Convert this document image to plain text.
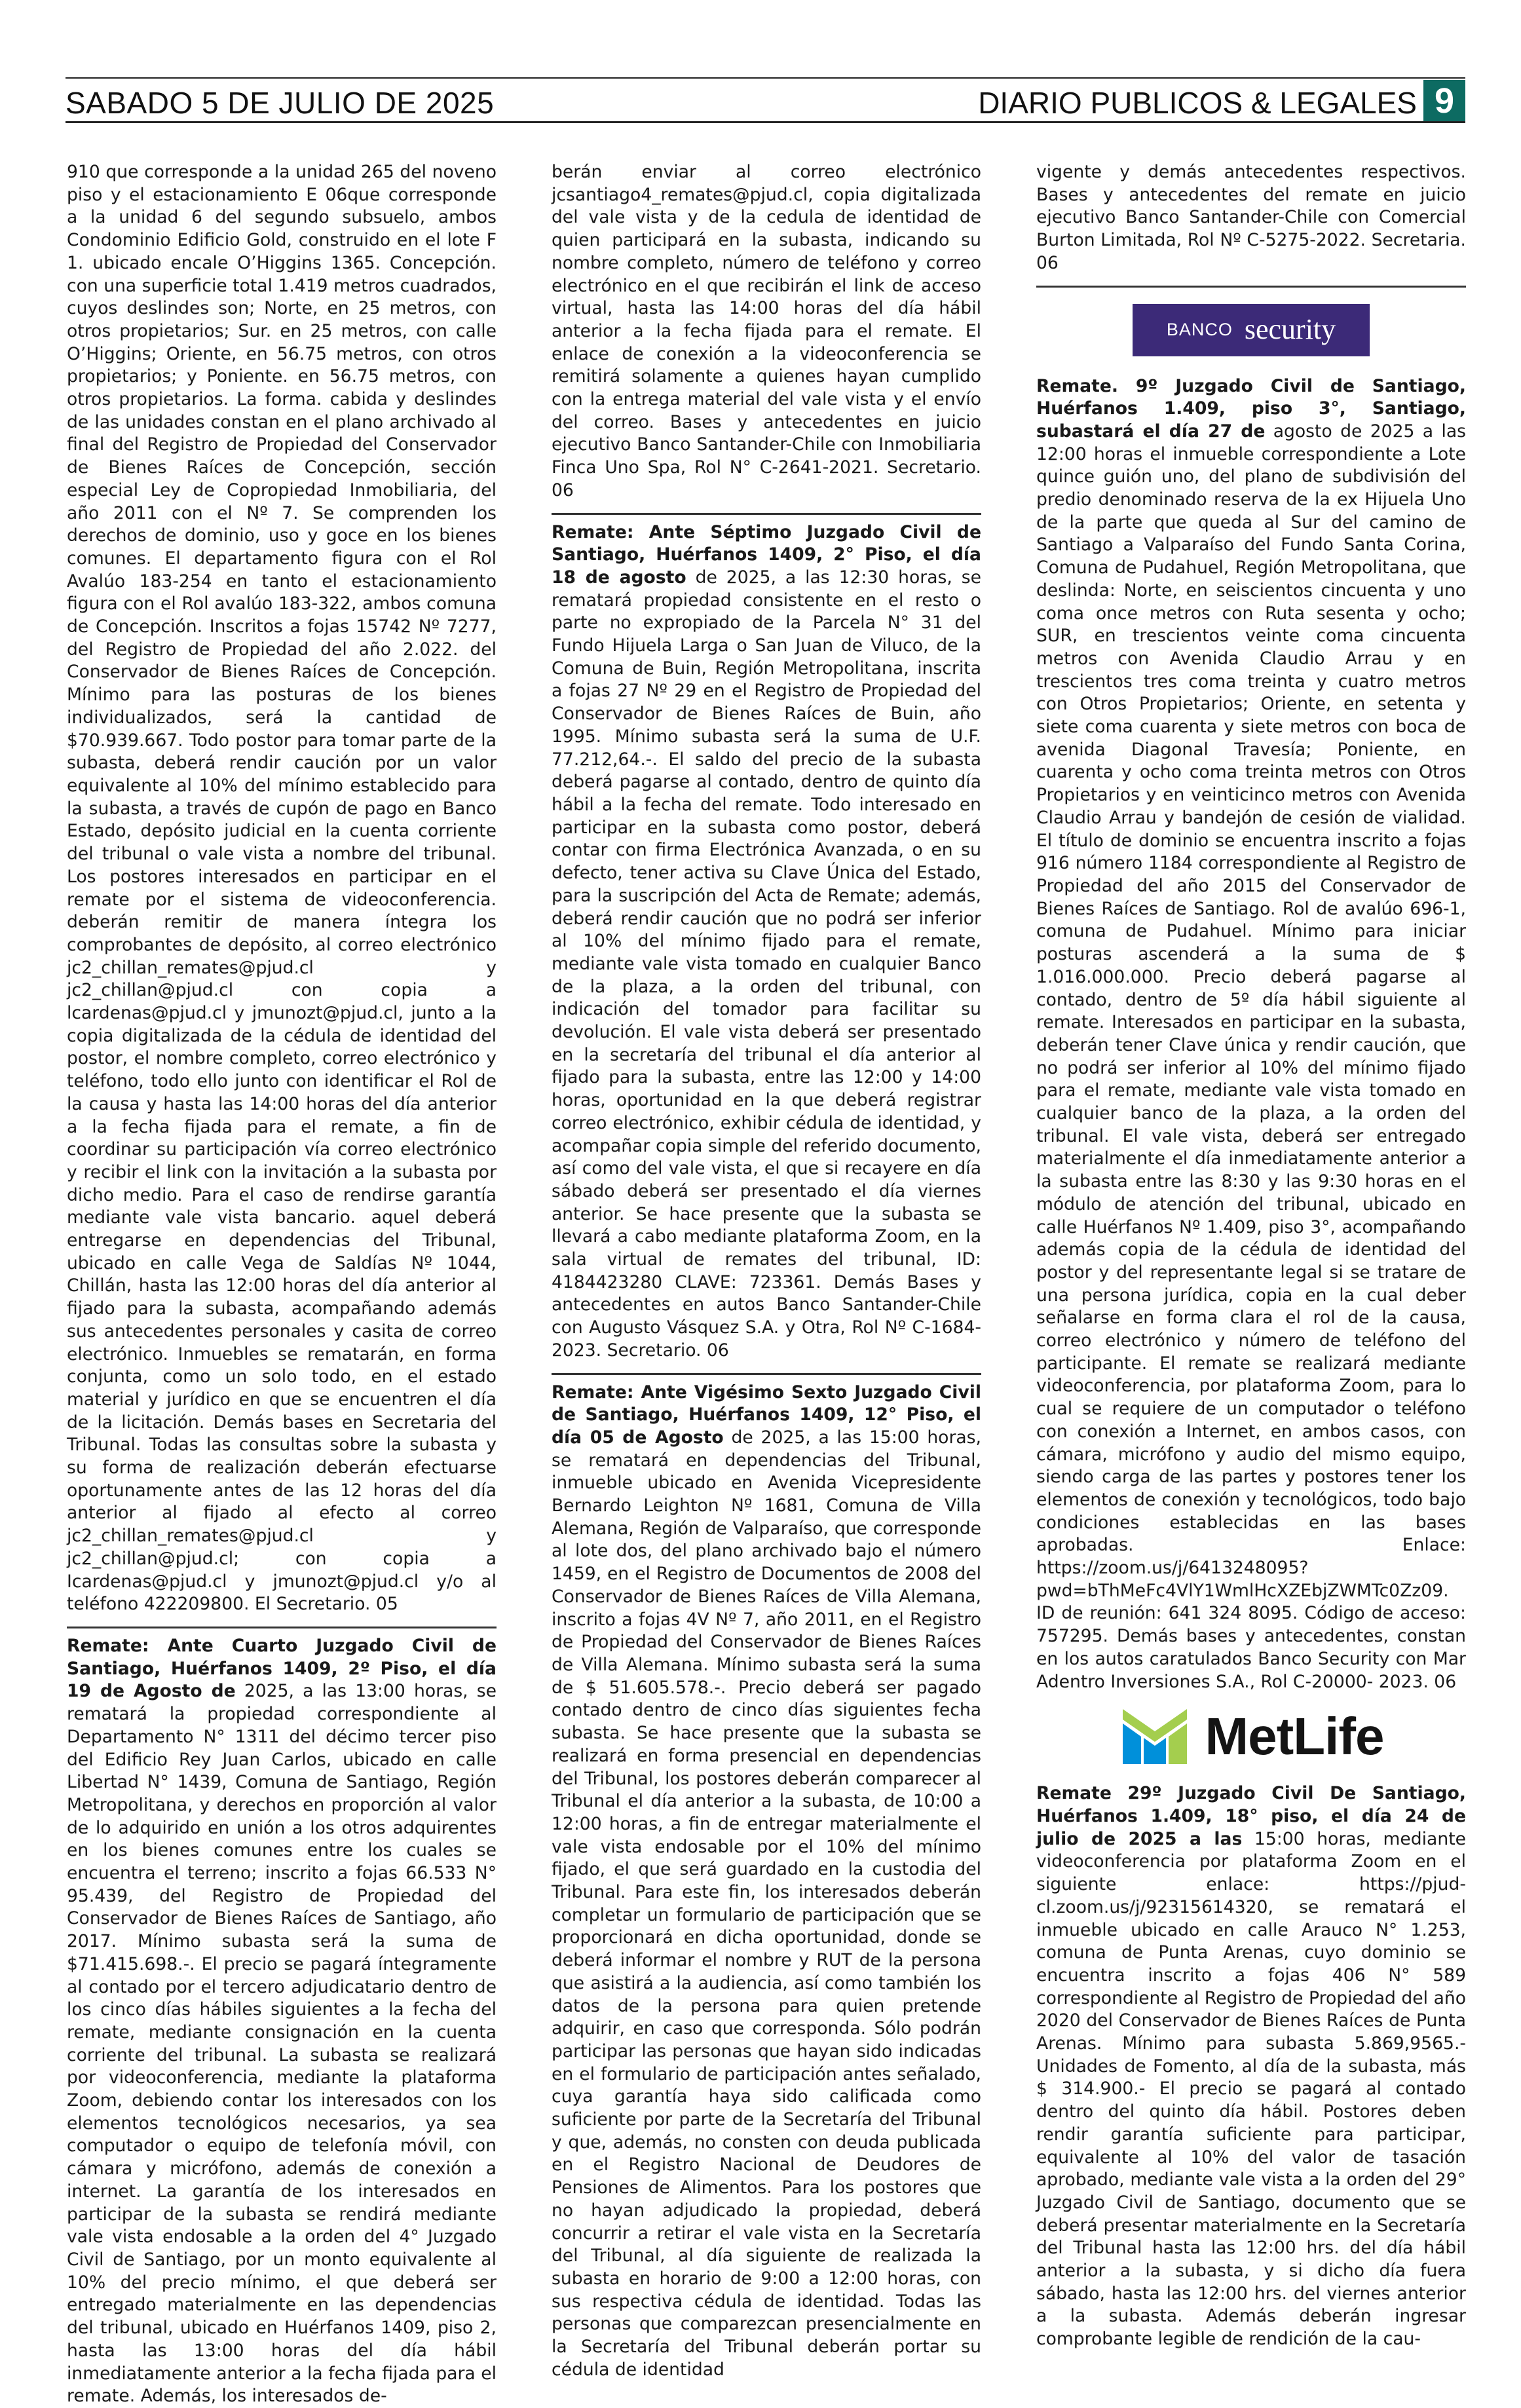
SABADO 5 DE JULIO DE 2025	DIARIO PUBLICOS & LEGALES 9

910 que corresponde a la unidad 265 del noveno piso y el estacionamiento E 06que corresponde a la unidad 6 del segundo subsuelo, ambos Condominio Edificio Gold, construido en el lote F 1. ubicado encale O’Higgins 1365. Concepción. con una superficie total 1.419 metros cuadrados, cuyos deslindes son; Norte, en 25 metros, con otros propietarios; Sur. en 25 metros, con calle O’Higgins; Oriente, en 56.75 metros, con otros propietarios; y Poniente. en 56.75 metros, con otros propietarios. La forma. cabida y deslindes de las unidades constan en el plano archivado al final del Registro de Propiedad del Conservador de Bienes Raíces de Concepción, sección especial Ley de Copropiedad Inmobiliaria, del año 2011 con el Nº 7. Se comprenden los derechos de dominio, uso y goce en los bienes comunes. El departamento figura con el Rol Avalúo 183-254 en tanto el estacionamiento figura con el Rol avalúo 183-322, ambos comuna de Concepción. Inscritos a fojas 15742 Nº 7277, del Registro de Propiedad del año 2.022. del Conservador de Bienes Raíces de Concepción. Mínimo para las posturas de los bienes individualizados, será la cantidad de $70.939.667. Todo postor para tomar parte de la subasta, deberá rendir caución por un valor equivalente al 10% del mínimo establecido para la subasta, a través de cupón de pago en Banco Estado, depósito judicial en la cuenta corriente del tribunal o vale vista a nombre del tribunal. Los postores interesados en participar en el remate por el sistema de videoconferencia. deberán remitir de manera íntegra los comprobantes de depósito, al correo electrónico jc2_chillan_remates@pjud.cl y jc2_chillan@pjud.cl con copia a lcardenas@pjud.cl y jmunozt@pjud.cl, junto a la copia digitalizada de la cédula de identidad del postor, el nombre completo, correo electrónico y teléfono, todo ello junto con identificar el Rol de la causa y hasta las 14:00 horas del día anterior a la fecha fijada para el remate, a fin de coordinar su participación vía correo electrónico y recibir el link con la invitación a la subasta por dicho medio. Para el caso de rendirse garantía mediante vale vista bancario. aquel deberá entregarse en dependencias del Tribunal, ubicado en calle Vega de Saldías Nº 1044, Chillán, hasta las 12:00 horas del día anterior al fijado para la subasta, acompañando además sus antecedentes personales y casita de correo electrónico. Inmuebles se rematarán, en forma conjunta, como un solo todo, en el estado material y jurídico en que se encuentren el día de la licitación. Demás bases en Secretaria del Tribunal. Todas las consultas sobre la subasta y su forma de realización deberán efectuarse oportunamente antes de las 12 horas del día anterior al fijado al efecto al correo jc2_chillan_remates@pjud.cl y jc2_chillan@pjud.cl; con copia a Icardenas@pjud.cl y jmunozt@pjud.cl y/o al teléfono 422209800. El Secretario. 05

Remate: Ante Cuarto Juzgado Civil de Santiago, Huérfanos 1409, 2º Piso, el día 19 de Agosto de 2025, a las 13:00 horas, se rematará la propiedad correspondiente al Departamento N° 1311 del décimo tercer piso del Edificio Rey Juan Carlos, ubicado en calle Libertad N° 1439, Comuna de Santiago, Región Metropolitana, y derechos en proporción al valor de lo adquirido en unión a los otros adquirentes en los bienes comunes entre los cuales se encuentra el terreno; inscrito a fojas 66.533 N° 95.439, del Registro de Propiedad del Conservador de Bienes Raíces de Santiago, año 2017. Mínimo subasta será la suma de $71.415.698.-. El precio se pagará íntegramente al contado por el tercero adjudicatario dentro de los cinco días hábiles siguientes a la fecha del remate, mediante consignación en la cuenta corriente del tribunal. La subasta se realizará por videoconferencia, mediante la plataforma Zoom, debiendo contar los interesados con los elementos tecnológicos necesarios, ya sea computador o equipo de telefonía móvil, con cámara y micrófono, además de conexión a internet. La garantía de los interesados en participar de la subasta se rendirá mediante vale vista endosable a la orden del 4° Juzgado Civil de Santiago, por un monto equivalente al 10% del precio mínimo, el que deberá ser entregado materialmente en las dependencias del tribunal, ubicado en Huérfanos 1409, piso 2, hasta las 13:00 horas del día hábil inmediatamente anterior a la fecha fijada para el remate. Además, los interesados de-

berán enviar al correo electrónico jcsantiago4_remates@pjud.cl, copia digitalizada del vale vista y de la cedula de identidad de quien participará en la subasta, indicando su nombre completo, número de teléfono y correo electrónico en el que recibirán el link de acceso virtual, hasta las 14:00 horas del día hábil anterior a la fecha fijada para el remate. El enlace de conexión a la videoconferencia se remitirá solamente a quienes hayan cumplido con la entrega material del vale vista y el envío del correo. Bases y antecedentes en juicio ejecutivo Banco Santander-Chile con Inmobiliaria Finca Uno Spa, Rol N° C-2641-2021. Secretario. 06

Remate: Ante Séptimo Juzgado Civil de Santiago, Huérfanos 1409, 2° Piso, el día 18 de agosto de 2025, a las 12:30 horas, se rematará propiedad consistente en el resto o parte no expropiado de la Parcela N° 31 del Fundo Hijuela Larga o San Juan de Viluco, de la Comuna de Buin, Región Metropolitana, inscrita a fojas 27 Nº 29 en el Registro de Propiedad del Conservador de Bienes Raíces de Buin, año 1995. Mínimo subasta será la suma de U.F. 77.212,64.-. El saldo del precio de la subasta deberá pagarse al contado, dentro de quinto día hábil a la fecha del remate. Todo interesado en participar en la subasta como postor, deberá contar con firma Electrónica Avanzada, o en su defecto, tener activa su Clave Única del Estado, para la suscripción del Acta de Remate; además, deberá rendir caución que no podrá ser inferior al 10% del mínimo fijado para el remate, mediante vale vista tomado en cualquier Banco de la plaza, a la orden del tribunal, con indicación del tomador para facilitar su devolución. El vale vista deberá ser presentado en la secretaría del tribunal el día anterior al fijado para la subasta, entre las 12:00 y 14:00 horas, oportunidad en la que deberá registrar correo electrónico, exhibir cédula de identidad, y acompañar copia simple del referido documento, así como del vale vista, el que si recayere en día sábado deberá ser presentado el día viernes anterior. Se hace presente que la subasta se llevará a cabo mediante plataforma Zoom, en la sala virtual de remates del tribunal, ID: 4184423280 CLAVE: 723361. Demás Bases y antecedentes en autos Banco Santander-Chile con Augusto Vásquez S.A. y Otra, Rol Nº C-1684-2023. Secretario. 06

Remate: Ante Vigésimo Sexto Juzgado Civil de Santiago, Huérfanos 1409, 12° Piso, el día 05 de Agosto de 2025, a las 15:00 horas, se rematará en dependencias del Tribunal, inmueble ubicado en Avenida Vicepresidente Bernardo Leighton Nº 1681, Comuna de Villa Alemana, Región de Valparaíso, que corresponde al lote dos, del plano archivado bajo el número 1459, en el Registro de Documentos de 2008 del Conservador de Bienes Raíces de Villa Alemana, inscrito a fojas 4V Nº 7, año 2011, en el Registro de Propiedad del Conservador de Bienes Raíces de Villa Alemana. Mínimo subasta será la suma de $ 51.605.578.-. Precio deberá ser pagado contado dentro de cinco días siguientes fecha subasta. Se hace presente que la subasta se realizará en forma presencial en dependencias del Tribunal, los postores deberán comparecer al Tribunal el día anterior a la subasta, de 10:00 a 12:00 horas, a fin de entregar materialmente el vale vista endosable por el 10% del mínimo fijado, el que será guardado en la custodia del Tribunal. Para este fin, los interesados deberán completar un formulario de participación que se proporcionará en dicha oportunidad, donde se deberá informar el nombre y RUT de la persona que asistirá a la audiencia, así como también los datos de la persona para quien pretende adquirir, en caso que corresponda. Sólo podrán participar las personas que hayan sido indicadas en el formulario de participación antes señalado, cuya garantía haya sido calificada como suficiente por parte de la Secretaría del Tribunal y que, además, no consten con deuda publicada en el Registro Nacional de Deudores de Pensiones de Alimentos. Para los postores que no hayan adjudicado la propiedad, deberá concurrir a retirar el vale vista en la Secretaría del Tribunal, al día siguiente de realizada la subasta en horario de 9:00 a 12:00 horas, con sus respectiva cédula de identidad. Todas las personas que comparezcan presencialmente en la Secretaría del Tribunal deberán portar su cédula de identidad

vigente y demás antecedentes respectivos. Bases y antecedentes del remate en juicio ejecutivo Banco Santander-Chile con Comercial Burton Limitada, Rol Nº C-5275-2022. Secretaria. 06

BANCO security

Remate. 9º Juzgado Civil de Santiago, Huérfanos 1.409, piso 3°, Santiago, subastará el día 27 de agosto de 2025 a las 12:00 horas el inmueble correspondiente a Lote quince guión uno, del plano de subdivisión del predio denominado reserva de la ex Hijuela Uno de la parte que queda al Sur del camino de Santiago a Valparaíso del Fundo Santa Corina, Comuna de Pudahuel, Región Metropolitana, que deslinda: Norte, en seiscientos cincuenta y uno coma once metros con Ruta sesenta y ocho; SUR, en trescientos veinte coma cincuenta metros con Avenida Claudio Arrau y en trescientos tres coma treinta y cuatro metros con Otros Propietarios; Oriente, en setenta y siete coma cuarenta y siete metros con boca de avenida Diagonal Travesía; Poniente, en cuarenta y ocho coma treinta metros con Otros Propietarios y en veinticinco metros con Avenida Claudio Arrau y bandejón de cesión de vialidad. El título de dominio se encuentra inscrito a fojas 916 número 1184 correspondiente al Registro de Propiedad del año 2015 del Conservador de Bienes Raíces de Santiago. Rol de avalúo 696-1, comuna de Pudahuel. Mínimo para iniciar posturas ascenderá a la suma de $ 1.016.000.000. Precio deberá pagarse al contado, dentro de 5º día hábil siguiente al remate. Interesados en participar en la subasta, deberán tener Clave única y rendir caución, que no podrá ser inferior al 10% del mínimo fijado para el remate, mediante vale vista tomado en cualquier banco de la plaza, a la orden del tribunal. El vale vista, deberá ser entregado materialmente el día inmediatamente anterior a la subasta entre las 8:30 y las 9:30 horas en el módulo de atención del tribunal, ubicado en calle Huérfanos Nº 1.409, piso 3°, acompañando además copia de la cédula de identidad del postor y del representante legal si se tratare de una persona jurídica, copia en la cual deber señalarse en forma clara el rol de la causa, correo electrónico y número de teléfono del participante. El remate se realizará mediante videoconferencia, por plataforma Zoom, para lo cual se requiere de un computador o teléfono con conexión a Internet, en ambos casos, con cámara, micrófono y audio del mismo equipo, siendo carga de las partes y postores tener los elementos de conexión y tecnológicos, todo bajo condiciones establecidas en las bases aprobadas. Enlace: https://zoom.us/j/6413248095?pwd=bThMeFc4VlY1WmlHcXZEbjZWMTc0Zz09. ID de reunión: 641 324 8095. Código de acceso: 757295. Demás bases y antecedentes, constan en los autos caratulados Banco Security con Mar Adentro Inversiones S.A., Rol C-20000- 2023. 06

MetLife

Remate 29º Juzgado Civil De Santiago, Huérfanos 1.409, 18° piso, el día 24 de julio de 2025 a las 15:00 horas, mediante videoconferencia por plataforma Zoom en el siguiente enlace: https://pjud-cl.zoom.us/j/92315614320, se rematará el inmueble ubicado en calle Arauco N° 1.253, comuna de Punta Arenas, cuyo dominio se encuentra inscrito a fojas 406 N° 589 correspondiente al Registro de Propiedad del año 2020 del Conservador de Bienes Raíces de Punta Arenas. Mínimo para subasta 5.869,9565.- Unidades de Fomento, al día de la subasta, más $ 314.900.- El precio se pagará al contado dentro del quinto día hábil. Postores deben rendir garantía suficiente para participar, equivalente al 10% del valor de tasación aprobado, mediante vale vista a la orden del 29° Juzgado Civil de Santiago, documento que se deberá presentar materialmente en la Secretaría del Tribunal hasta las 12:00 hrs. del día hábil anterior a la subasta, y si dicho día fuera sábado, hasta las 12:00 hrs. del viernes anterior a la subasta. Además deberán ingresar comprobante legible de rendición de la cau-
